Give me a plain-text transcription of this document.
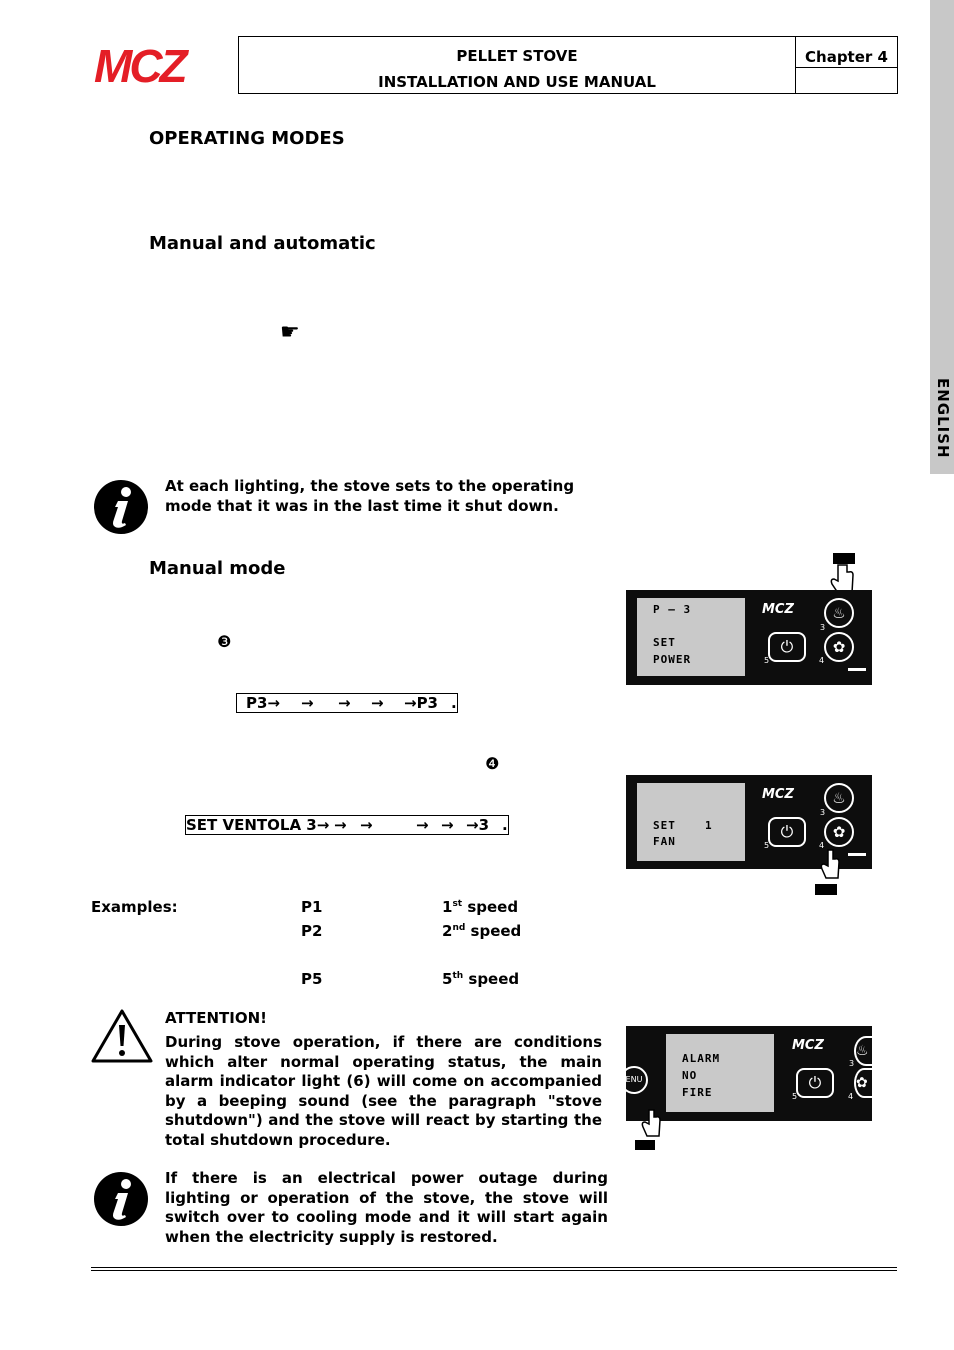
MCZ	PELLET STOVE
INSTALLATION AND USE MANUAL
Chapter 4
ENGLISH
OPERATING MODES
Manual and automatic
☛
At each lighting, the stove sets to the operating mode that it was in the last time it shut down.
Manual mode
❸
P3→ → → → →P3 .
❹
SET VENTOLA 3→ → →	→ → →3 .
Examples:	P1	1st speed
P2	2nd speed
P5	5th speed
ATTENTION!
During stove operation, if there are conditions which alter normal operating status, the main alarm indicator light (6) will come on accompanied by a beeping sound (see the paragraph "stove shutdown") and the stove will react by starting the total shutdown procedure.
If there is an electrical power outage during lighting or operation of the stove, the stove will switch over to cooling mode and it will start again when the electricity supply is restored.
P – 3
SET
POWER
MCZ	♨
3
⏻
5
✿
4
SET	1
FAN
MCZ	♨
3
⏻
5
✿
4
ENU
ALARM
NO
FIRE
MCZ ♨
⏻
5	4
3
✿
